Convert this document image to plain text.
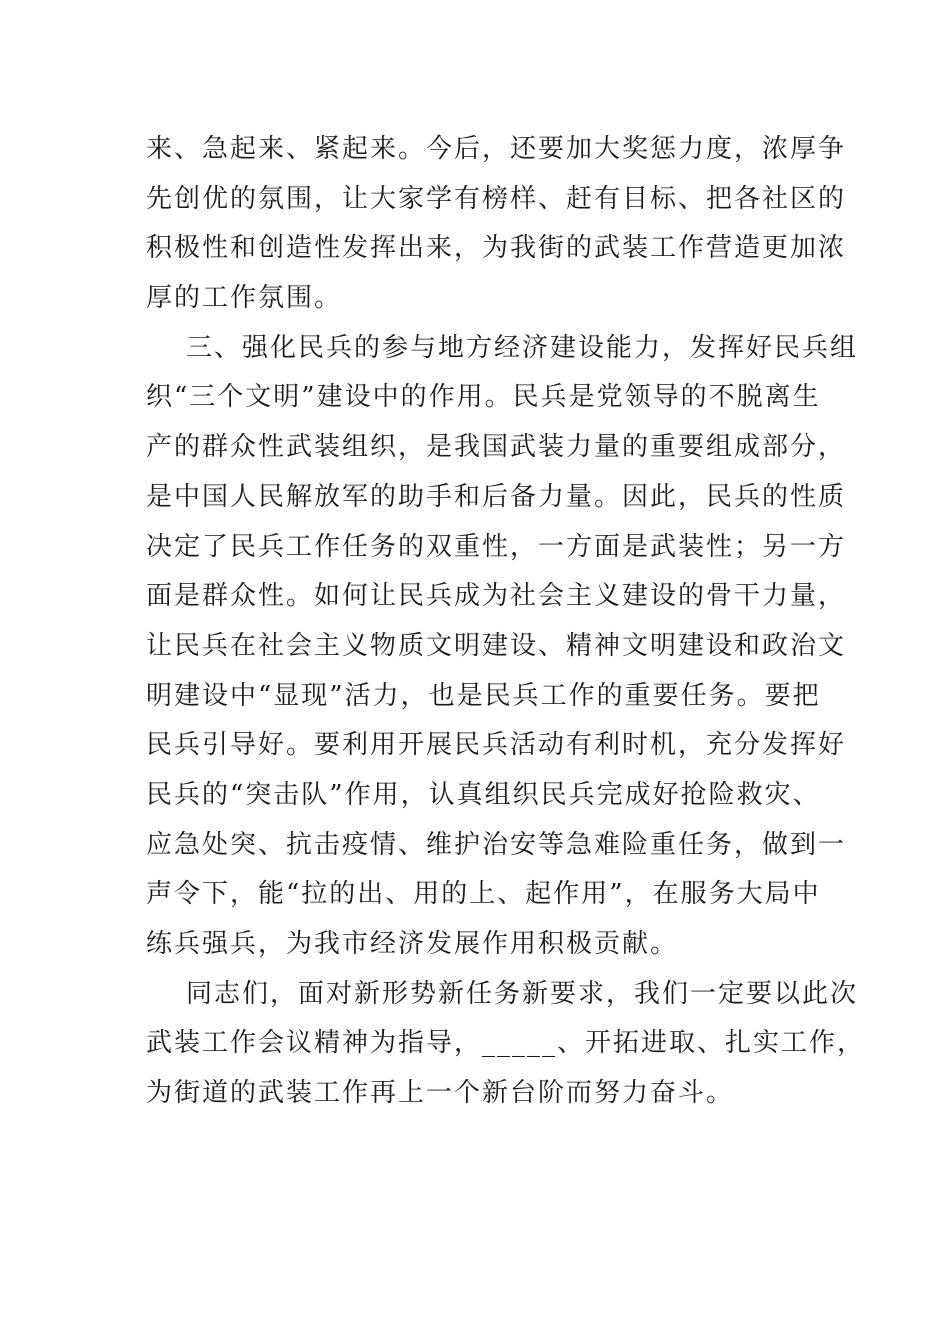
来、急起来、紧起来。今后，还要加大奖惩力度，浓厚争
先创优的氛围，让大家学有榜样、赶有目标、把各社区的
积极性和创造性发挥出来，为我街的武装工作营造更加浓
厚的工作氛围。
三、强化民兵的参与地方经济建设能力，发挥好民兵组
织“三个文明”建设中的作用。民兵是党领导的不脱离生
产的群众性武装组织，是我国武装力量的重要组成部分，
是中国人民解放军的助手和后备力量。因此，民兵的性质
决定了民兵工作任务的双重性，一方面是武装性；另一方
面是群众性。如何让民兵成为社会主义建设的骨干力量，
让民兵在社会主义物质文明建设、精神文明建设和政治文
明建设中“显现”活力，也是民兵工作的重要任务。要把
民兵引导好。要利用开展民兵活动有利时机，充分发挥好
民兵的“突击队”作用，认真组织民兵完成好抢险救灾、
应急处突、抗击疫情、维护治安等急难险重任务，做到一
声令下，能“拉的出、用的上、起作用”，在服务大局中
练兵强兵，为我市经济发展作用积极贡献。
同志们，面对新形势新任务新要求，我们一定要以此次
武装工作会议精神为指导，_____、开拓进取、扎实工作，
为街道的武装工作再上一个新台阶而努力奋斗。
